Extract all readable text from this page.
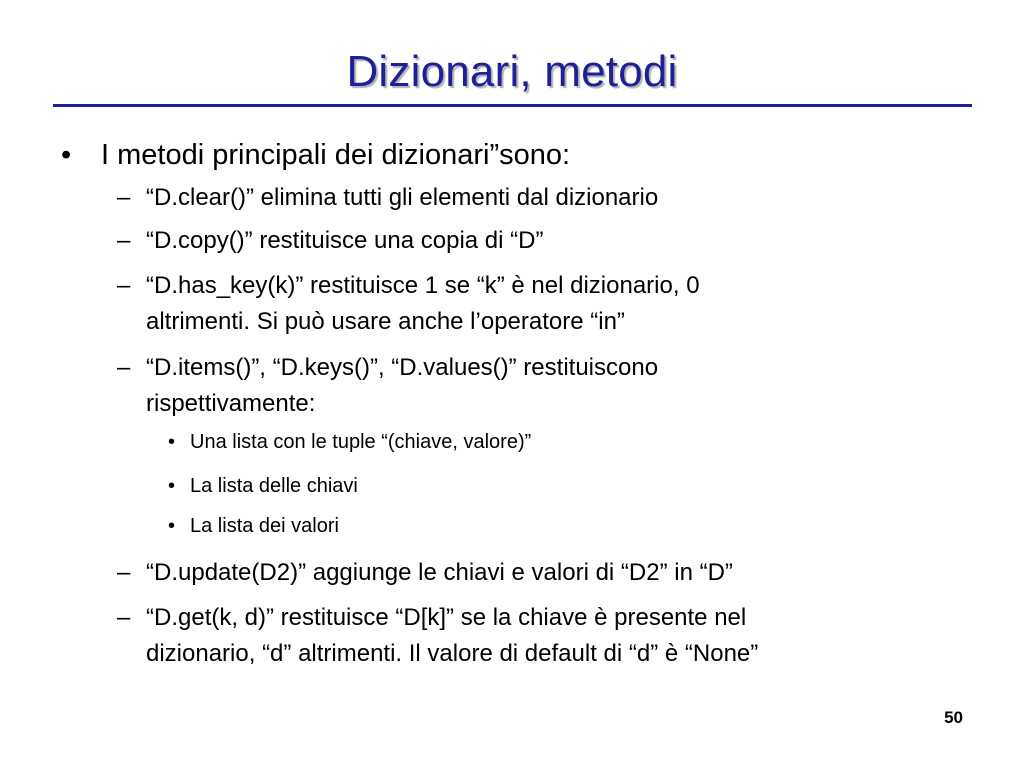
Dizionari, metodi
• I metodi principali dei dizionari”sono:
– “D.clear()” elimina tutti gli elementi dal dizionario
– “D.copy()” restituisce una copia di “D”
– “D.has_key(k)” restituisce 1 se “k” è nel dizionario, 0
altrimenti. Si può usare anche l’operatore “in”
– “D.items()”, “D.keys()”, “D.values()” restituiscono
rispettivamente:
• Una lista con le tuple “(chiave, valore)”
• La lista delle chiavi
• La lista dei valori
– “D.update(D2)” aggiunge le chiavi e valori di “D2” in “D”
– “D.get(k, d)” restituisce “D[k]” se la chiave è presente nel
dizionario, “d” altrimenti. Il valore di default di “d” è “None”
50
